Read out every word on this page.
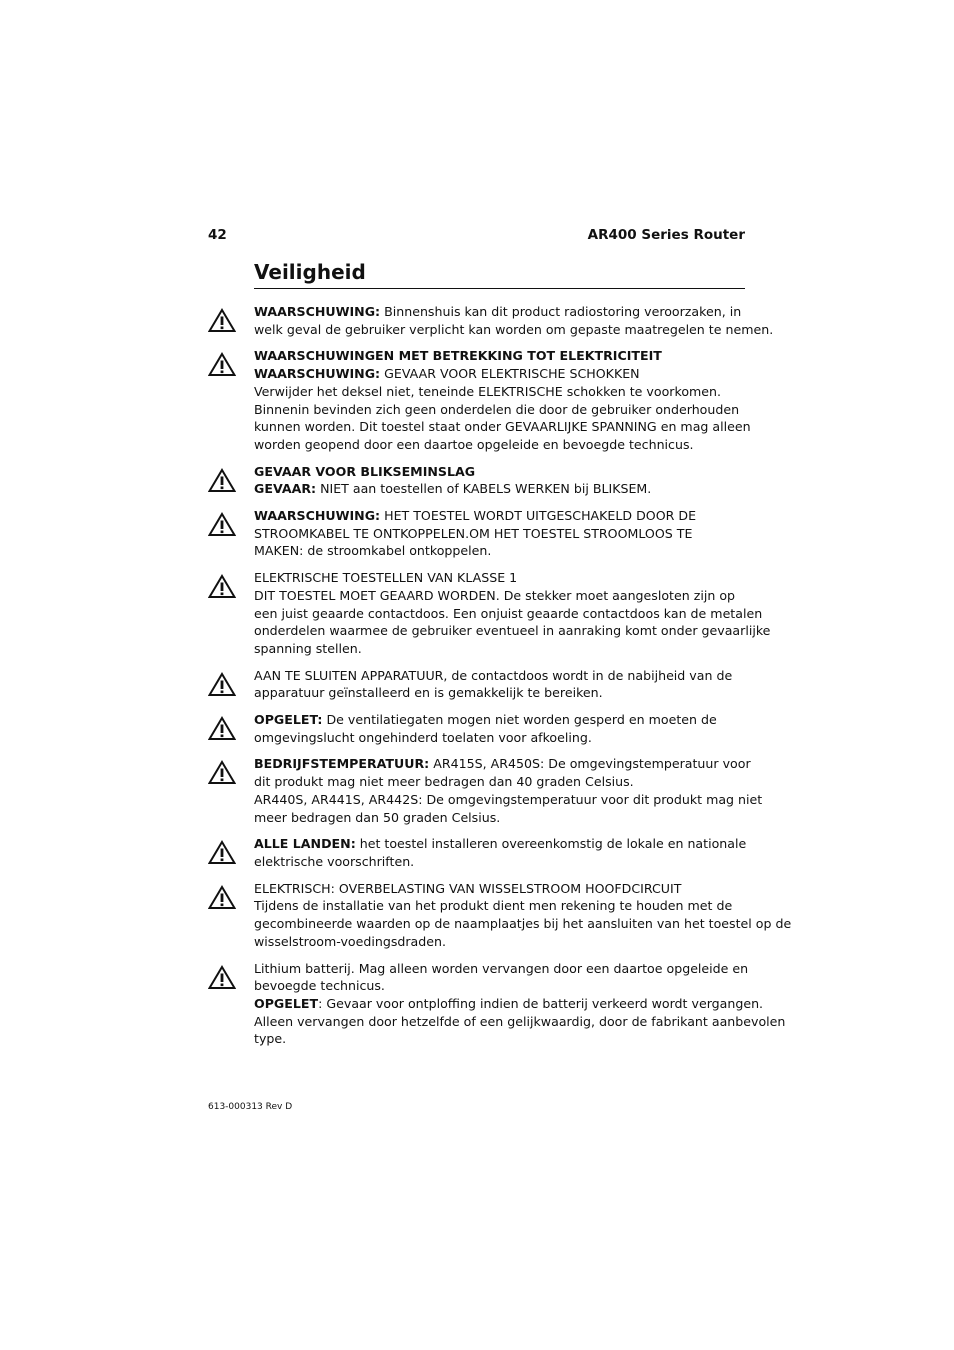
42	AR400 Series Router
Veiligheid
WAARSCHUWING: Binnenshuis kan dit product radiostoring veroorzaken, in
welk geval de gebruiker verplicht kan worden om gepaste maatregelen te nemen.
WAARSCHUWINGEN MET BETREKKING TOT ELEKTRICITEIT
WAARSCHUWING: GEVAAR VOOR ELEKTRISCHE SCHOKKEN
Verwijder het deksel niet, teneinde ELEKTRISCHE schokken te voorkomen.
Binnenin bevinden zich geen onderdelen die door de gebruiker onderhouden
kunnen worden. Dit toestel staat onder GEVAARLIJKE SPANNING en mag alleen
worden geopend door een daartoe opgeleide en bevoegde technicus.
GEVAAR VOOR BLIKSEMINSLAG
GEVAAR: NIET aan toestellen of KABELS WERKEN bij BLIKSEM.
WAARSCHUWING: HET TOESTEL WORDT UITGESCHAKELD DOOR DE
STROOMKABEL TE ONTKOPPELEN.OM HET TOESTEL STROOMLOOS TE
MAKEN: de stroomkabel ontkoppelen.
ELEKTRISCHE TOESTELLEN VAN KLASSE 1
DIT TOESTEL MOET GEAARD WORDEN. De stekker moet aangesloten zijn op
een juist geaarde contactdoos. Een onjuist geaarde contactdoos kan de metalen
onderdelen waarmee de gebruiker eventueel in aanraking komt onder gevaarlijke
spanning stellen.
AAN TE SLUITEN APPARATUUR, de contactdoos wordt in de nabijheid van de
apparatuur geïnstalleerd en is gemakkelijk te bereiken.
OPGELET: De ventilatiegaten mogen niet worden gesperd en moeten de
omgevingslucht ongehinderd toelaten voor afkoeling.
BEDRIJFSTEMPERATUUR: AR415S, AR450S: De omgevingstemperatuur voor
dit produkt mag niet meer bedragen dan 40 graden Celsius.
AR440S, AR441S, AR442S: De omgevingstemperatuur voor dit produkt mag niet
meer bedragen dan 50 graden Celsius.
ALLE LANDEN: het toestel installeren overeenkomstig de lokale en nationale
elektrische voorschriften.
ELEKTRISCH: OVERBELASTING VAN WISSELSTROOM HOOFDCIRCUIT
Tijdens de installatie van het produkt dient men rekening te houden met de
gecombineerde waarden op de naamplaatjes bij het aansluiten van het toestel op de
wisselstroom-voedingsdraden.
Lithium batterij. Mag alleen worden vervangen door een daartoe opgeleide en
bevoegde technicus.
OPGELET: Gevaar voor ontploffing indien de batterij verkeerd wordt vergangen.
Alleen vervangen door hetzelfde of een gelijkwaardig, door de fabrikant aanbevolen
type.
613-000313 Rev D
